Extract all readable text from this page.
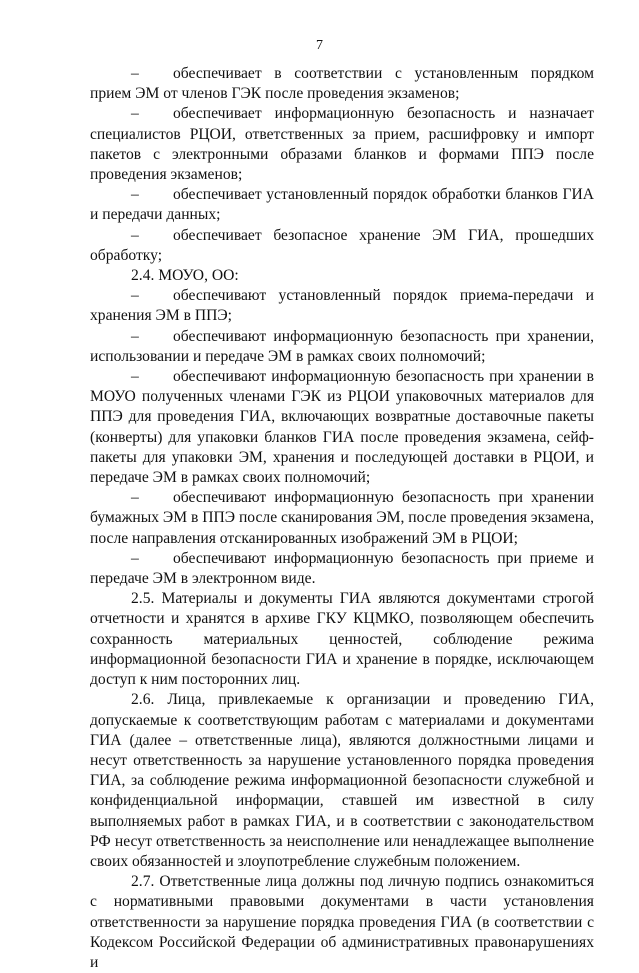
7

– обеспечивает в соответствии с установленным порядком прием ЭМ от членов ГЭК после проведения экзаменов;

– обеспечивает информационную безопасность и назначает специалистов РЦОИ, ответственных за прием, расшифровку и импорт пакетов с электронными образами бланков и формами ППЭ после проведения экзаменов;

– обеспечивает установленный порядок обработки бланков ГИА и передачи данных;

– обеспечивает безопасное хранение ЭМ ГИА, прошедших обработку;

2.4. МОУО, ОО:

– обеспечивают установленный порядок приема-передачи и хранения ЭМ в ППЭ;

– обеспечивают информационную безопасность при хранении, использовании и передаче ЭМ в рамках своих полномочий;

– обеспечивают информационную безопасность при хранении в МОУО полученных членами ГЭК из РЦОИ упаковочных материалов для ППЭ для проведения ГИА, включающих возвратные доставочные пакеты (конверты) для упаковки бланков ГИА после проведения экзамена, сейф-пакеты для упаковки ЭМ, хранения и последующей доставки в РЦОИ, и передаче ЭМ в рамках своих полномочий;

– обеспечивают информационную безопасность при хранении бумажных ЭМ в ППЭ после сканирования ЭМ, после проведения экзамена, после направления отсканированных изображений ЭМ в РЦОИ;

– обеспечивают информационную безопасность при приеме и передаче ЭМ в электронном виде.

2.5. Материалы и документы ГИА являются документами строгой отчетности и хранятся в архиве ГКУ КЦМКО, позволяющем обеспечить сохранность материальных ценностей, соблюдение режима информационной безопасности ГИА и хранение в порядке, исключающем доступ к ним посторонних лиц.

2.6. Лица, привлекаемые к организации и проведению ГИА, допускаемые к соответствующим работам с материалами и документами ГИА (далее – ответственные лица), являются должностными лицами и несут ответственность за нарушение установленного порядка проведения ГИА, за соблюдение режима информационной безопасности служебной и конфиденциальной информации, ставшей им известной в силу выполняемых работ в рамках ГИА, и в соответствии с законодательством РФ несут ответственность за неисполнение или ненадлежащее выполнение своих обязанностей и злоупотребление служебным положением.

2.7. Ответственные лица должны под личную подпись ознакомиться с нормативными правовыми документами в части установления ответственности за нарушение порядка проведения ГИА (в соответствии с Кодексом Российской Федерации об административных правонарушениях и
